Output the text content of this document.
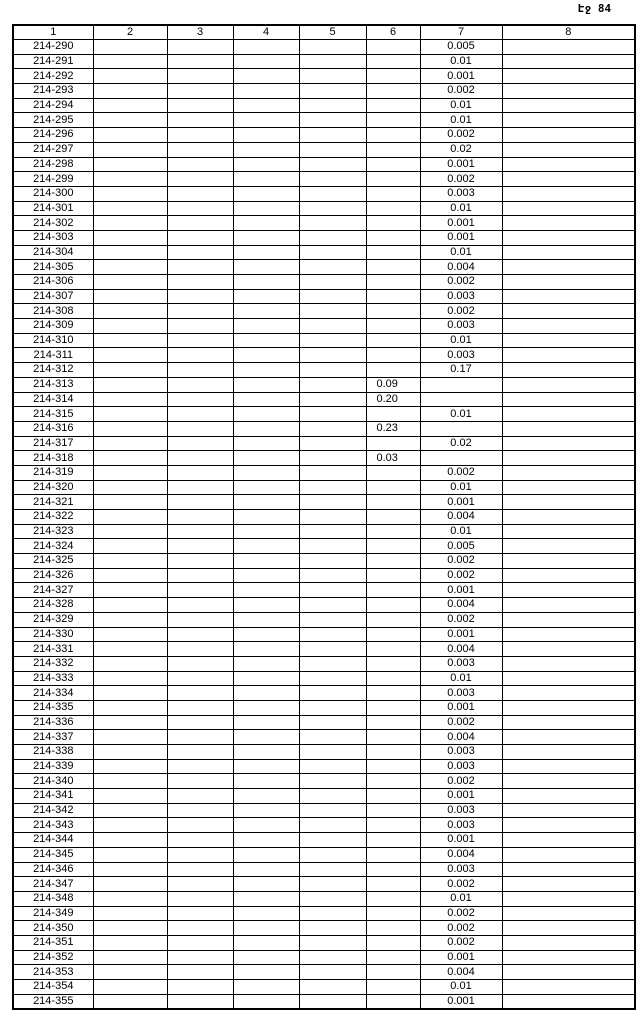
Էջ 84
1	2	3	4	5	6	7	8
214-290						0.005	
214-291						0.01	
214-292						0.001	
214-293						0.002	
214-294						0.01	
214-295						0.01	
214-296						0.002	
214-297						0.02	
214-298						0.001	
214-299						0.002	
214-300						0.003	
214-301						0.01	
214-302						0.001	
214-303						0.001	
214-304						0.01	
214-305						0.004	
214-306						0.002	
214-307						0.003	
214-308						0.002	
214-309						0.003	
214-310						0.01	
214-311						0.003	
214-312						0.17	
214-313					0.09		
214-314					0.20		
214-315						0.01	
214-316					0.23		
214-317						0.02	
214-318					0.03		
214-319						0.002	
214-320						0.01	
214-321						0.001	
214-322						0.004	
214-323						0.01	
214-324						0.005	
214-325						0.002	
214-326						0.002	
214-327						0.001	
214-328						0.004	
214-329						0.002	
214-330						0.001	
214-331						0.004	
214-332						0.003	
214-333						0.01	
214-334						0.003	
214-335						0.001	
214-336						0.002	
214-337						0.004	
214-338						0.003	
214-339						0.003	
214-340						0.002	
214-341						0.001	
214-342						0.003	
214-343						0.003	
214-344						0.001	
214-345						0.004	
214-346						0.003	
214-347						0.002	
214-348						0.01	
214-349						0.002	
214-350						0.002	
214-351						0.002	
214-352						0.001	
214-353						0.004	
214-354						0.01	
214-355						0.001	
